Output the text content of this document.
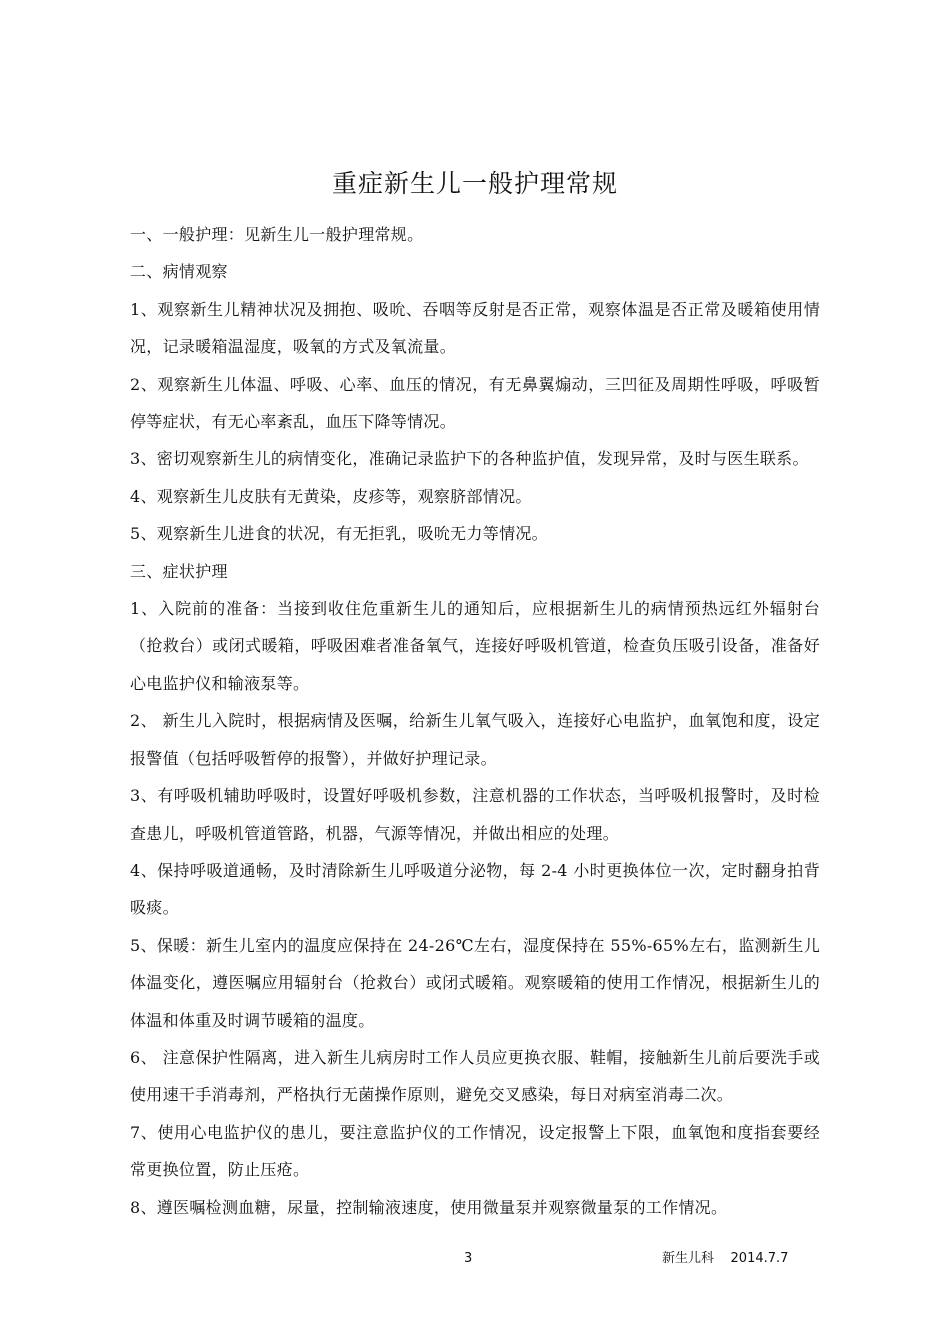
重症新生儿一般护理常规

一、一般护理：见新生儿一般护理常规。

二、病情观察

1、观察新生儿精神状况及拥抱、吸吮、吞咽等反射是否正常，观察体温是否正常及暖箱使用情况，记录暖箱温湿度，吸氧的方式及氧流量。

2、观察新生儿体温、呼吸、心率、血压的情况，有无鼻翼煽动，三凹征及周期性呼吸，呼吸暂停等症状，有无心率紊乱，血压下降等情况。

3、密切观察新生儿的病情变化，准确记录监护下的各种监护值，发现异常，及时与医生联系。

4、观察新生儿皮肤有无黄染，皮疹等，观察脐部情况。

5、观察新生儿进食的状况，有无拒乳，吸吮无力等情况。

三、症状护理

1、入院前的准备：当接到收住危重新生儿的通知后，应根据新生儿的病情预热远红外辐射台（抢救台）或闭式暖箱，呼吸困难者准备氧气，连接好呼吸机管道，检查负压吸引设备，准备好心电监护仪和输液泵等。

2、 新生儿入院时，根据病情及医嘱，给新生儿氧气吸入，连接好心电监护，血氧饱和度，设定报警值（包括呼吸暂停的报警），并做好护理记录。

3、有呼吸机辅助呼吸时，设置好呼吸机参数，注意机器的工作状态，当呼吸机报警时，及时检查患儿，呼吸机管道管路，机器，气源等情况，并做出相应的处理。

4、保持呼吸道通畅，及时清除新生儿呼吸道分泌物，每 2-4 小时更换体位一次，定时翻身拍背吸痰。

5、保暖：新生儿室内的温度应保持在 24-26℃左右，湿度保持在 55%-65%左右，监测新生儿体温变化，遵医嘱应用辐射台（抢救台）或闭式暖箱。观察暖箱的使用工作情况，根据新生儿的体温和体重及时调节暖箱的温度。

6、 注意保护性隔离，进入新生儿病房时工作人员应更换衣服、鞋帽，接触新生儿前后要洗手或使用速干手消毒剂，严格执行无菌操作原则，避免交叉感染，每日对病室消毒二次。

7、使用心电监护仪的患儿，要注意监护仪的工作情况，设定报警上下限，血氧饱和度指套要经常更换位置，防止压疮。

8、遵医嘱检测血糖，尿量，控制输液速度，使用微量泵并观察微量泵的工作情况。

3	新生儿科    2014.7.7
